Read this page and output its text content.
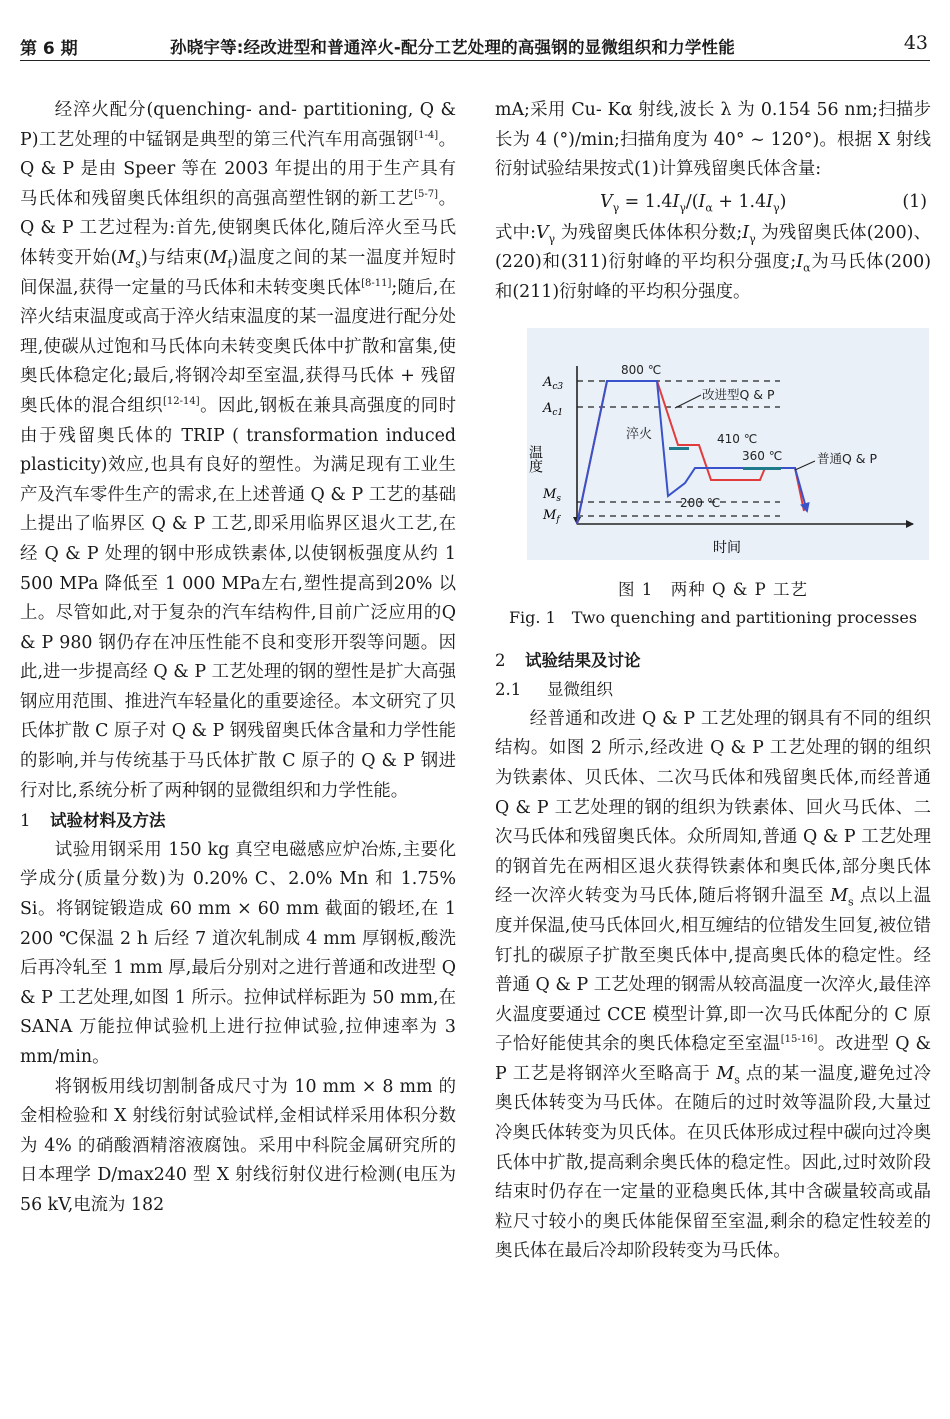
第 6 期	孙晓宇等:经改进型和普通淬火-配分工艺处理的高强钢的显微组织和力学性能	43

经淬火配分(quenching- and- partitioning, Q & P)工艺处理的中锰钢是典型的第三代汽车用高强钢[1-4]。Q & P 是由 Speer 等在 2003 年提出的用于生产具有马氏体和残留奥氏体组织的高强高塑性钢的新工艺[5-7]。Q & P 工艺过程为:首先,使钢奥氏体化,随后淬火至马氏体转变开始$(M_s)$与结束$(M_f)$温度之间的某一温度并短时间保温,获得一定量的马氏体和未转变奥氏体[8-11];随后,在淬火结束温度或高于淬火结束温度的某一温度进行配分处理,使碳从过饱和马氏体向未转变奥氏体中扩散和富集,使奥氏体稳定化;最后,将钢冷却至室温,获得马氏体 + 残留奥氏体的混合组织[12-14]。因此,钢板在兼具高强度的同时由于残留奥氏体的 TRIP ( transformation induced plasticity)效应,也具有良好的塑性。为满足现有工业生产及汽车零件生产的需求,在上述普通 Q & P 工艺的基础上提出了临界区 Q & P 工艺,即采用临界区退火工艺,在经 Q & P 处理的钢中形成铁素体,以使钢板强度从约 1 500 MPa 降低至 1 000 MPa左右,塑性提高到20% 以上。尽管如此,对于复杂的汽车结构件,目前广泛应用的Q & P 980 钢仍存在冲压性能不良和变形开裂等问题。因此,进一步提高经 Q & P 工艺处理的钢的塑性是扩大高强钢应用范围、推进汽车轻量化的重要途径。本文研究了贝氏体扩散 C 原子对 Q & P 钢残留奥氏体含量和力学性能的影响,并与传统基于马氏体扩散 C 原子的 Q & P 钢进行对比,系统分析了两种钢的显微组织和力学性能。

1 试验材料及方法

试验用钢采用 150 kg 真空电磁感应炉冶炼,主要化学成分(质量分数)为 0.20% C、2.0% Mn 和 1.75% Si。将钢锭锻造成 60 mm × 60 mm 截面的锻坯,在 1 200 ℃保温 2 h 后经 7 道次轧制成 4 mm 厚钢板,酸洗后再冷轧至 1 mm 厚,最后分别对之进行普通和改进型 Q & P 工艺处理,如图 1 所示。拉伸试样标距为 50 mm,在 SANA 万能拉伸试验机上进行拉伸试验,拉伸速率为 3 mm/min。

将钢板用线切割制备成尺寸为 10 mm × 8 mm 的金相检验和 X 射线衍射试验试样,金相试样采用体积分数为 4% 的硝酸酒精溶液腐蚀。采用中科院金属研究所的日本理学 D/max240 型 X 射线衍射仪进行检测(电压为 56 kV,电流为 182

mA;采用 Cu- Kα 射线,波长 λ 为 0.154 56 nm;扫描步长为 4 (°)/min;扫描角度为 40° ~ 120°)。根据 X 射线衍射试验结果按式(1)计算残留奥氏体含量:

$V_\gamma = 1.4I_\gamma/(I_\alpha + 1.4I_\gamma)$	(1)

式中$:V_\gamma$ 为残留奥氏体体积分数$;I_\gamma$ 为残留奥氏体(200)、(220)和(311)衍射峰的平均积分强度$;I_\alpha$为马氏体(200)和(211)衍射峰的平均积分强度。

$A_{c3}$
$A_{c1}$
$M_s$
$M_f$
温度
时间
800 ℃
淬火	410 ℃
360 ℃
200 ℃
改进型Q & P
普通Q & P
图 1　两种 Q & P 工艺
Fig. 1　Two quenching and partitioning processes
2 试验结果及讨论
2.1 显微组织

经普通和改进 Q & P 工艺处理的钢具有不同的组织结构。如图 2 所示,经改进 Q & P 工艺处理的钢的组织为铁素体、贝氏体、二次马氏体和残留奥氏体,而经普通 Q & P 工艺处理的钢的组织为铁素体、回火马氏体、二次马氏体和残留奥氏体。众所周知,普通 Q & P 工艺处理的钢首先在两相区退火获得铁素体和奥氏体,部分奥氏体经一次淬火转变为马氏体,随后将钢升温至 $M_s$ 点以上温度并保温,使马氏体回火,相互缠结的位错发生回复,被位错钉扎的碳原子扩散至奥氏体中,提高奥氏体的稳定性。经普通 Q & P 工艺处理的钢需从较高温度一次淬火,最佳淬火温度要通过 CCE 模型计算,即一次马氏体配分的 C 原子恰好能使其余的奥氏体稳定至室温[15-16]。改进型 Q & P 工艺是将钢淬火至略高于 $M_s$ 点的某一温度,避免过冷奥氏体转变为马氏体。在随后的过时效等温阶段,大量过冷奥氏体转变为贝氏体。在贝氏体形成过程中碳向过冷奥氏体中扩散,提高剩余奥氏体的稳定性。因此,过时效阶段结束时仍存在一定量的亚稳奥氏体,其中含碳量较高或晶粒尺寸较小的奥氏体能保留至室温,剩余的稳定性较差的奥氏体在最后冷却阶段转变为马氏体。
